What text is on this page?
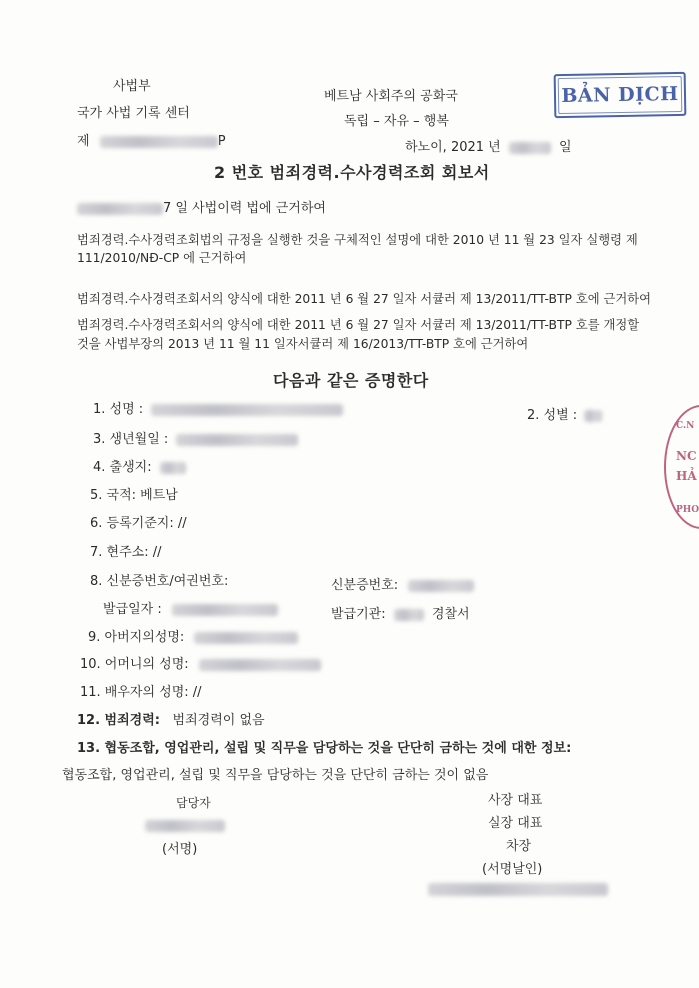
사법부
국가 사법 기록 센터
제	P
베트남 사회주의 공화국
독립 – 자유 – 행복
하노이, 2021 년	일
BẢN DỊCH
C.N
NC
HẢ
PHO
2 번호 범죄경력.수사경력조회 회보서
7 일 사법이력 법에 근거하여
범죄경력.수사경력조회법의 규정을 실행한 것을 구체적인 설명에 대한 2010 년 11 월 23 일자 실행령 제
111/2010/NĐ-CP 에 근거하여
범죄경력.수사경력조회서의 양식에 대한 2011 년 6 월 27 일자 서큘러 제 13/2011/TT-BTP 호에 근거하여
범죄경력.수사경력조회서의 양식에 대한 2011 년 6 월 27 일자 서큘러 제 13/2011/TT-BTP 호를 개정할
것을 사법부장의 2013 년 11 월 11 일자서큘러 제 16/2013/TT-BTP 호에 근거하여
다음과 같은 증명한다
1. 성명 :	2. 성별 :
3. 생년월일 :
4. 출생지:
5. 국적: 베트남
6. 등록기준지: //
7. 현주소: //
8. 신분증번호/여권번호:	신분증번호:
발급일자 :	발급기관:	경찰서
9. 아버지의성명:
10. 어머니의 성명:
11. 배우자의 성명: //
12. 범죄경력: 범죄경력이 없음
13. 협동조합, 영업관리, 설립 및 직무을 담당하는 것을 단단히 금하는 것에 대한 정보:
협동조합, 영업관리, 설립 및 직무을 담당하는 것을 단단히 금하는 것이 없음
담당자
(서명)
사장 대표
실장 대표
차장
(서명날인)
